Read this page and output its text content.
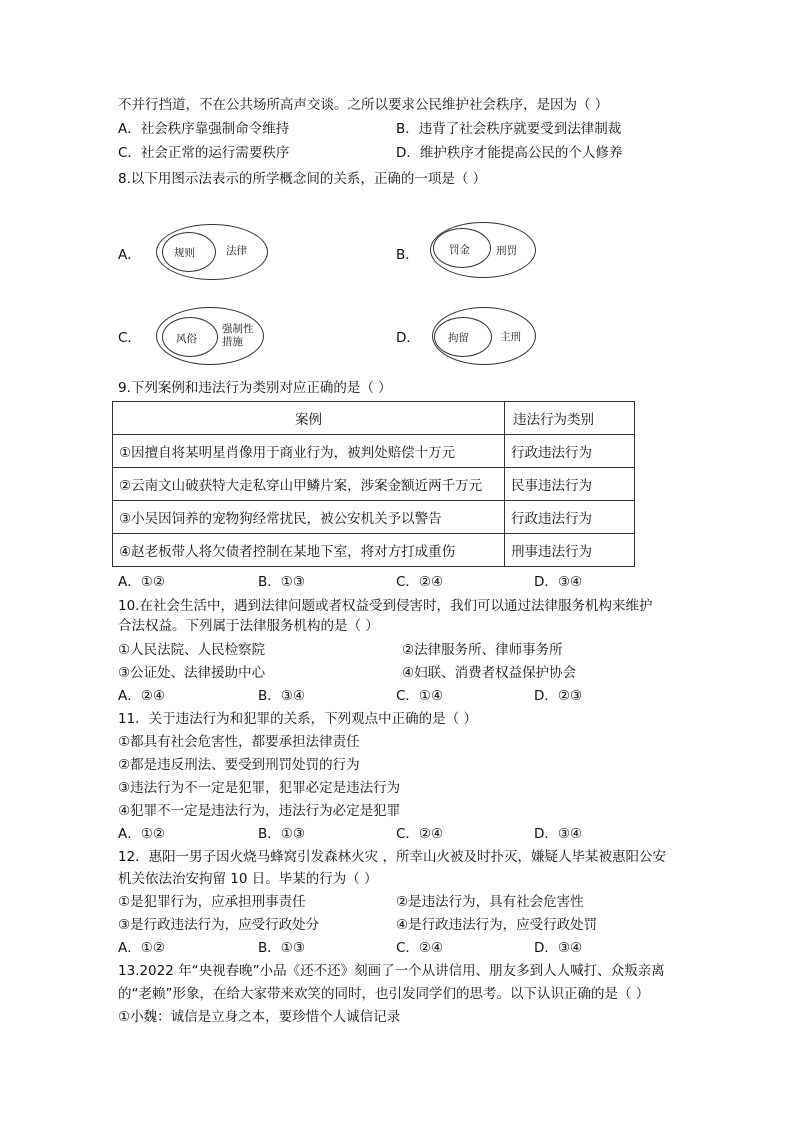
不并行挡道，不在公共场所高声交谈。之所以要求公民维护社会秩序，是因为（ ）
A．社会秩序靠强制命令维持	B．违背了社会秩序就要受到法律制裁
C．社会正常的运行需要秩序	D．维护秩序才能提高公民的个人修养
8.以下用图示法表示的所学概念间的关系，正确的一项是（ ）
A．	规则	法律	B．	罚金 刑罚
C．	风俗
强制性
措施	D．	拘留	主刑
9.下列案例和违法行为类别对应正确的是（ ）
案例	违法行为类别
①因擅自将某明星肖像用于商业行为，被判处赔偿十万元	行政违法行为
②云南文山破获特大走私穿山甲鳞片案，涉案金额近两千万元	民事违法行为
③小吴因饲养的宠物狗经常扰民，被公安机关予以警告	行政违法行为
④赵老板带人将欠债者控制在某地下室，将对方打成重伤	刑事违法行为
A．①②	B．①③	C．②④	D．③④
10.在社会生活中，遇到法律问题或者权益受到侵害时，我们可以通过法律服务机构来维护
合法权益。下列属于法律服务机构的是（ ）
①人民法院、人民检察院	②法律服务所、律师事务所
③公证处、法律援助中心	④妇联、消费者权益保护协会
A．②④	B．③④	C．①④	D．②③
11．关于违法行为和犯罪的关系，下列观点中正确的是（ ）
①都具有社会危害性，都要承担法律责任
②都是违反刑法、要受到刑罚处罚的行为
③违法行为不一定是犯罪，犯罪必定是违法行为
④犯罪不一定是违法行为，违法行为必定是犯罪
A．①②	B．①③	C．②④	D．③④
12．惠阳一男子因火烧马蜂窝引发森林火灾 ，所幸山火被及时扑灭，嫌疑人毕某被惠阳公安
机关依法治安拘留 10 日。毕某的行为（ ）
①是犯罪行为，应承担刑事责任	②是违法行为，具有社会危害性
③是行政违法行为，应受行政处分	④是行政违法行为，应受行政处罚
A．①②	B．①③	C．②④	D．③④
13.2022 年“央视春晚”小品《还不还》刻画了一个从讲信用、朋友多到人人喊打、众叛亲离
的“老赖”形象，在给大家带来欢笑的同时，也引发同学们的思考。以下认识正确的是（ ）
①小魏：诚信是立身之本，要珍惜个人诚信记录
